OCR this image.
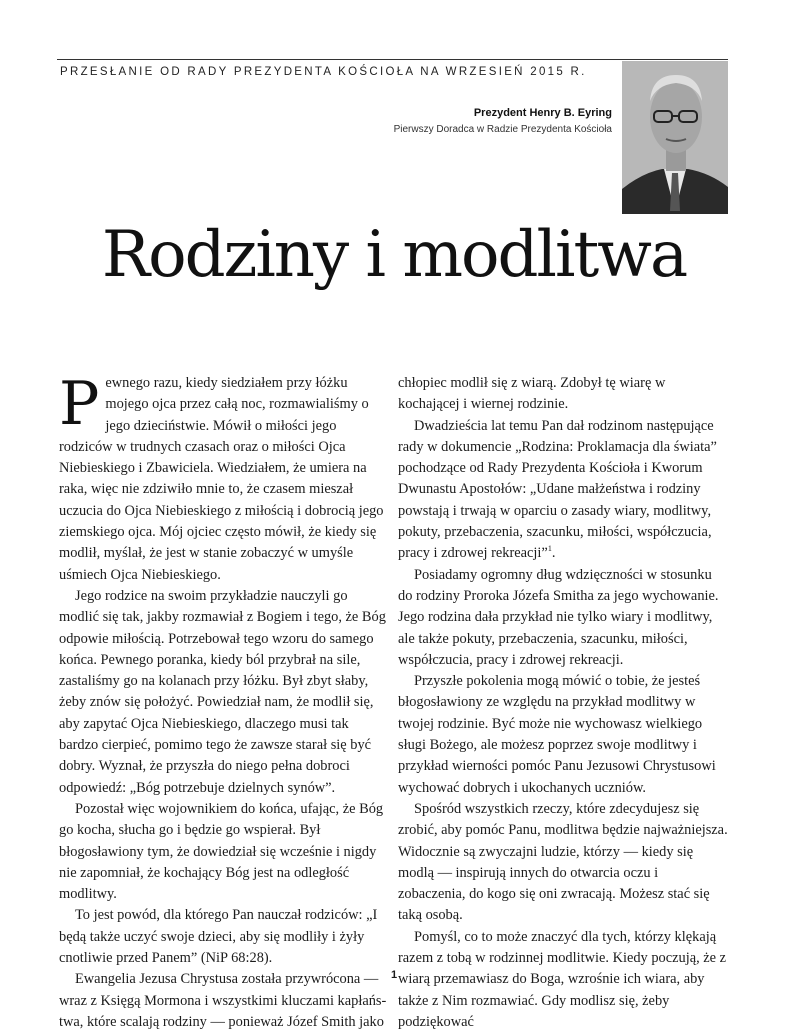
PRZESŁANIE OD RADY PREZYDENTA KOŚCIOŁA NA WRZESIEŃ 2015 R.
Prezydent Henry B. Eyring
Pierwszy Doradca w Radzie Prezydenta Kościoła
Rodziny i modlitwa

Pewnego razu, kiedy siedziałem przy łóżku mojego ojca przez całą noc, rozmawialiśmy o jego dzieciństwie. Mówił o miłości jego rodziców w trudnych czasach oraz o miłości Ojca Niebieskiego i Zbawiciela. Wiedziałem, że umiera na raka, więc nie zdziwiło mnie to, że czasem mieszał uczucia do Ojca Niebieskiego z miłością i dobrocią jego ziemskiego ojca. Mój ojciec często mówił, że kiedy się modlił, myślał, że jest w stanie zobaczyć w umyśle uśmiech Ojca Niebieskiego.

Jego rodzice na swoim przykładzie nauczyli go modlić się tak, jakby rozmawiał z Bogiem i tego, że Bóg odpowie miłością. Potrzebował tego wzoru do samego końca. Pewnego poranka, kiedy ból przybrał na sile, zastaliśmy go na kolanach przy łóżku. Był zbyt słaby, żeby znów się położyć. Powiedział nam, że modlił się, aby zapytać Ojca Niebieskiego, dlaczego musi tak bardzo cierpieć, pomimo tego że zawsze starał się być dobry. Wyznał, że przyszła do niego pełna dobroci odpowiedź: „Bóg potrzebuje dzielnych synów”.

Pozostał więc wojownikiem do końca, ufając, że Bóg go kocha, słucha go i będzie go wspierał. Był błogosławiony tym, że dowiedział się wcześnie i nigdy nie zapomniał, że kochający Bóg jest na odległość modlitwy.

To jest powód, dla którego Pan nauczał rodziców: „I będą także uczyć swoje dzieci, aby się modliły i żyły cnotliwie przed Panem” (NiP 68:28).

Ewangelia Jezusa Chrystusa została przywrócona — wraz z Księgą Mormona i wszystkimi kluczami kapłaństwa, które scalają rodziny — ponieważ Józef Smith jako

chłopiec modlił się z wiarą. Zdobył tę wiarę w kochającej i wiernej rodzinie.

Dwadzieścia lat temu Pan dał rodzinom następujące rady w dokumencie „Rodzina: Proklamacja dla świata” pochodzące od Rady Prezydenta Kościoła i Kworum Dwunastu Apostołów: „Udane małżeństwa i rodziny powstają i trwają w oparciu o zasady wiary, modlitwy, pokuty, przebaczenia, szacunku, miłości, współczucia, pracy i zdrowej rekreacji”$^1$.

Posiadamy ogromny dług wdzięczności w stosunku do rodziny Proroka Józefa Smitha za jego wychowanie. Jego rodzina dała przykład nie tylko wiary i modlitwy, ale także pokuty, przebaczenia, szacunku, miłości, współczucia, pracy i zdrowej rekreacji.

Przyszłe pokolenia mogą mówić o tobie, że jesteś błogosławiony ze względu na przykład modlitwy w twojej rodzinie. Być może nie wychowasz wielkiego sługi Bożego, ale możesz poprzez swoje modlitwy i przykład wierności pomóc Panu Jezusowi Chrystusowi wychować dobrych i ukochanych uczniów.

Spośród wszystkich rzeczy, które zdecydujesz się zrobić, aby pomóc Panu, modlitwa będzie najważniejsza. Widocznie są zwyczajni ludzie, którzy — kiedy się modlą — inspirują innych do otwarcia oczu i zobaczenia, do kogo się oni zwracają. Możesz stać się taką osobą.

Pomyśl, co to może znaczyć dla tych, którzy klękają razem z tobą w rodzinnej modlitwie. Kiedy poczują, że z wiarą przemawiasz do Boga, wzrośnie ich wiara, aby także z Nim rozmawiać. Gdy modlisz się, żeby podziękować

1
